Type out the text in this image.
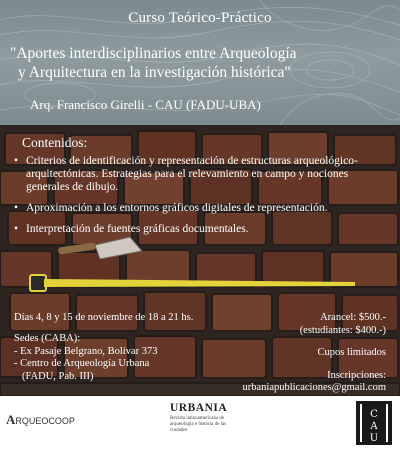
Curso Teórico-Práctico
"Aportes interdisciplinarios entre Arqueología
y Arquitectura en la investigación histórica"
Arq. Francisco Girelli - CAU (FADU-UBA)
Contenidos:
• Criterios de identificación y representación de estructuras arqueológico-arquitectónicas. Estrategias para el relevamiento en campo y nociones generales de dibujo.
• Aproximación a los entornos gráficos digitales de representación.
• Interpretación de fuentes gráficas documentales.
Días 4, 8 y 15 de noviembre de 18 a 21 hs.
Sedes (CABA):
- Ex Pasaje Belgrano, Bolívar 373
- Centro de Arqueología Urbana
(FADU, Pab. III)
Arancel: $500.-
(estudiantes: $400.-)
Cupos limitados
Inscripciones:
urbaniapublicaciones@gmail.com
ARQUEOCOOP
URBANIA
Revista latinoamericana de arqueología e historia de las ciudades
C
A
U
